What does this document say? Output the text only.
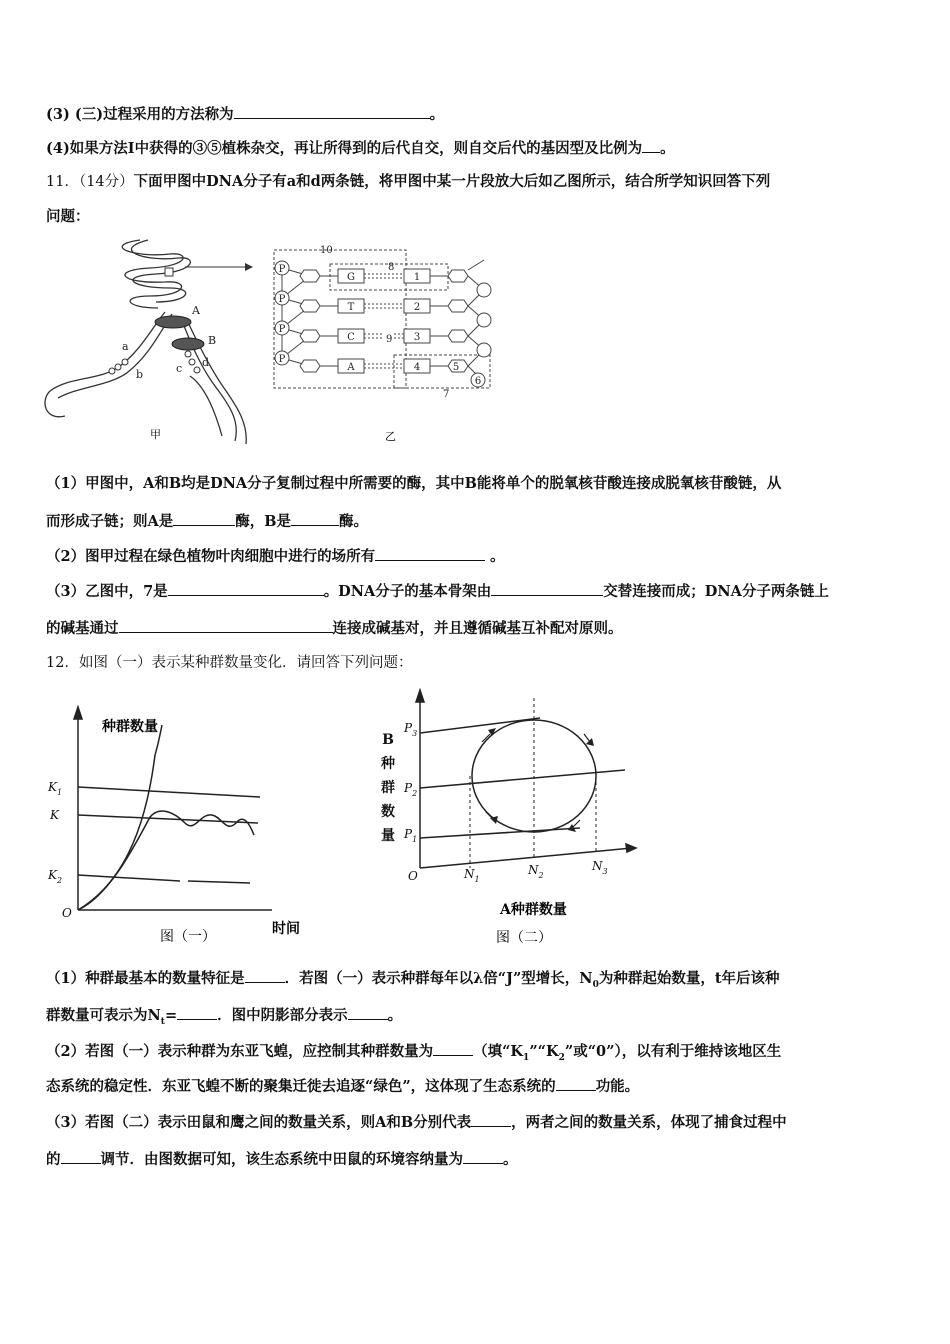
(3) (三)过程采用的方法称为	。
(4)如果方法Ⅰ中获得的③⑤植株杂交，再让所得到的后代自交，则自交后代的基因型及比例为 。
11．（14分）下面甲图中DNA分子有a和d两条链，将甲图中某一片段放大后如乙图所示，结合所学知识回答下列
问题：
A
B
a
b	c d
甲
10
8
9
7
P
P
P
P
G
T
C
A
1
2
3
4	5
6
乙
（1）甲图中，A和B均是DNA分子复制过程中所需要的酶，其中B能将单个的脱氧核苷酸连接成脱氧核苷酸链，从
而形成子链；则A是	酶，B是	酶。
（2）图甲过程在绿色植物叶肉细胞中进行的场所有	。
（3）乙图中，7是	。DNA分子的基本骨架由	交替连接而成；DNA分子两条链上
的碱基通过	连接成碱基对，并且遵循碱基互补配对原则。
12．如图（一）表示某种群数量变化．请回答下列问题：
$K_1$
K
$K_2$
O
种群数量
时间
图（一）
B
种
群
数
量
$P_3$
$P_2$
$P_1$
O	$N_1$
$N_2$
$N_3$
A种群数量
图（二）
（1）种群最基本的数量特征是	．若图（一）表示种群每年以λ倍“J”型增长，$N_0$为种群起始数量，t年后该种
群数量可表示为$N_t=$	．图中阴影部分表示	。
（2）若图（一）表示种群为东亚飞蝗，应控制其种群数量为	（填“$K_1”“K_2$”或“0”），以有利于维持该地区生
态系统的稳定性．东亚飞蝗不断的聚集迁徙去追逐“绿色”，这体现了生态系统的	功能。
（3）若图（二）表示田鼠和鹰之间的数量关系，则A和B分别代表	，两者之间的数量关系，体现了捕食过程中
的	调节．由图数据可知，该生态系统中田鼠的环境容纳量为	。
